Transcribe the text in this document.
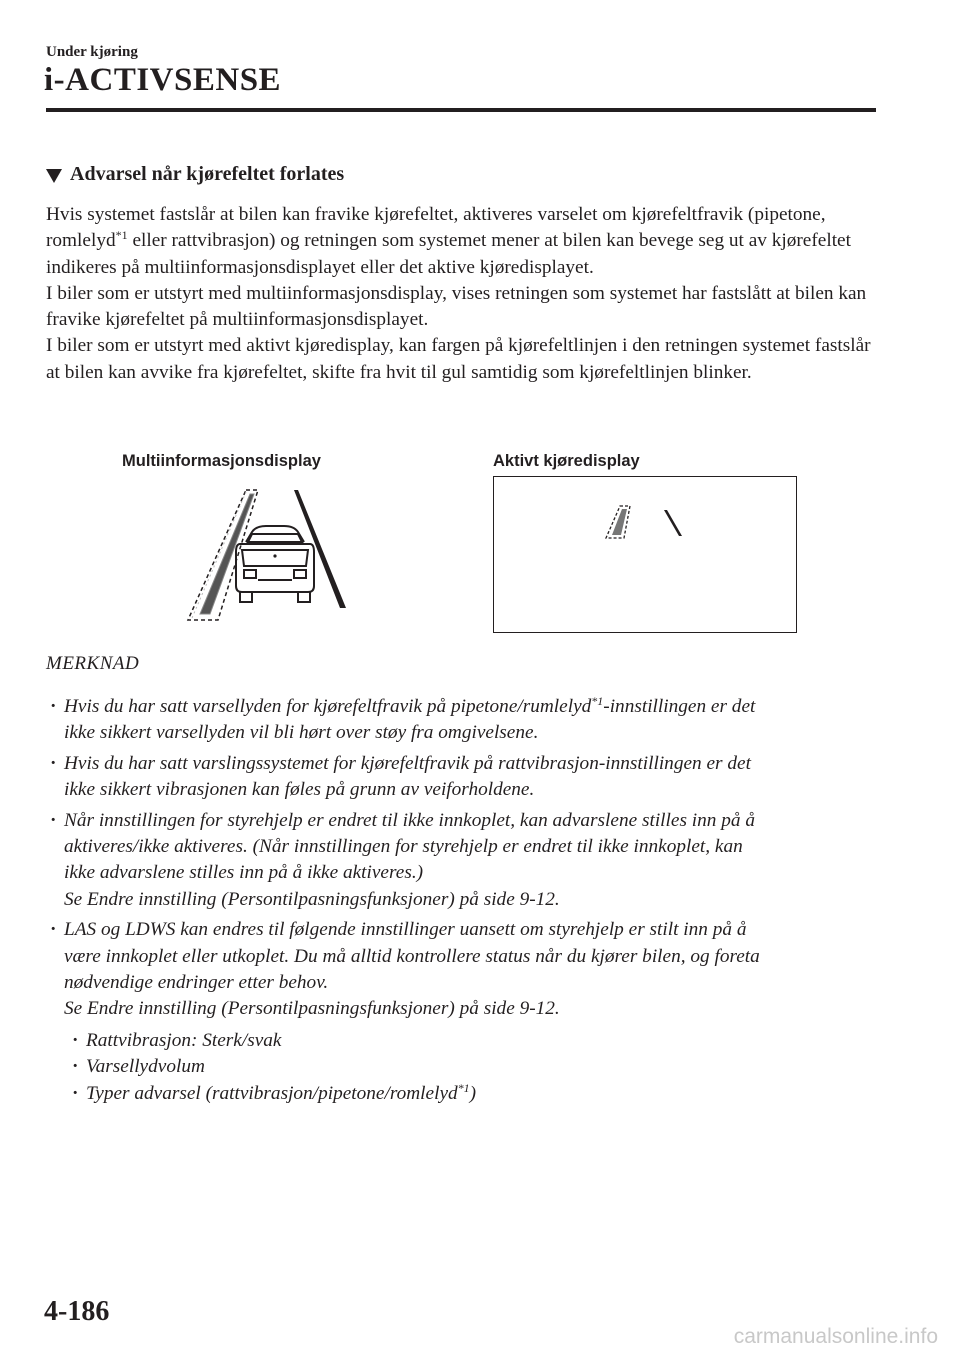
Under kjøring
i-ACTIVSENSE
Advarsel når kjørefeltet forlates

Hvis systemet fastslår at bilen kan fravike kjørefeltet, aktiveres varselet om kjørefeltfravik (pipetone, romlelyd$^{*1}$ eller rattvibrasjon) og retningen som systemet mener at bilen kan bevege seg ut av kjørefeltet indikeres på multiinformasjonsdisplayet eller det aktive kjøredisplayet.

I biler som er utstyrt med multiinformasjonsdisplay, vises retningen som systemet har fastslått at bilen kan fravike kjørefeltet på multiinformasjonsdisplayet.

I biler som er utstyrt med aktivt kjøredisplay, kan fargen på kjørefeltlinjen i den retningen systemet fastslår at bilen kan avvike fra kjørefeltet, skifte fra hvit til gul samtidig som kjørefeltlinjen blinker.

Multiinformasjonsdisplay	Aktivt kjøredisplay
MERKNAD
· Hvis du har satt varsellyden for kjørefeltfravik på pipetone/rumlelyd$^{*1}$-innstillingen er det
ikke sikkert varsellyden vil bli hørt over støy fra omgivelsene.
· Hvis du har satt varslingssystemet for kjørefeltfravik på rattvibrasjon-innstillingen er det
ikke sikkert vibrasjonen kan føles på grunn av veiforholdene.
· Når innstillingen for styrehjelp er endret til ikke innkoplet, kan advarslene stilles inn på å
aktiveres/ikke aktiveres. (Når innstillingen for styrehjelp er endret til ikke innkoplet, kan
ikke advarslene stilles inn på å ikke aktiveres.)
Se Endre innstilling (Persontilpasningsfunksjoner) på side 9-12.
· LAS og LDWS kan endres til følgende innstillinger uansett om styrehjelp er stilt inn på å
være innkoplet eller utkoplet. Du må alltid kontrollere status når du kjører bilen, og foreta
nødvendige endringer etter behov.
Se Endre innstilling (Persontilpasningsfunksjoner) på side 9-12.
· Rattvibrasjon: Sterk/svak
· Varsellydvolum
· Typer advarsel (rattvibrasjon/pipetone/romlelyd$^{*1}$)
4-186
carmanualsonline.info
